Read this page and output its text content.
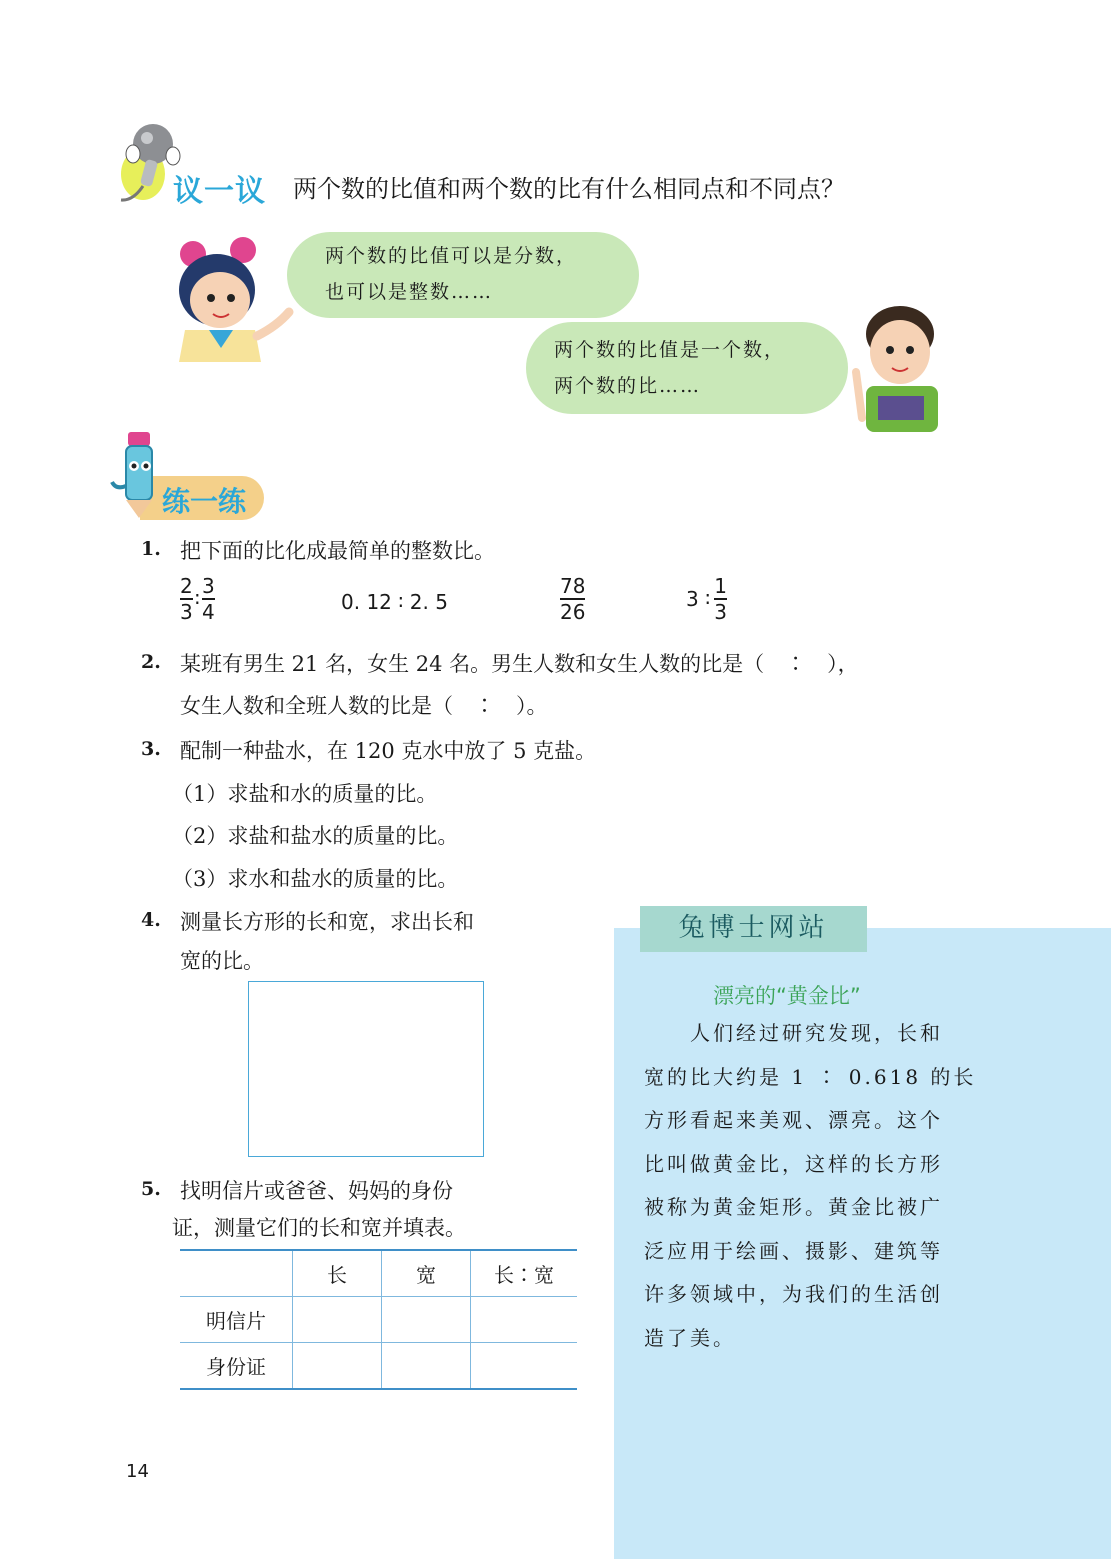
议一议 两个数的比值和两个数的比有什么相同点和不同点？
两个数的比值可以是分数，
也可以是整数……
两个数的比值是一个数，
两个数的比……
练一练
1. 把下面的比化成最简单的整数比。
$\frac{2}{3}$ ∶ $\frac{3}{4}$	0. 12 ∶ 2. 5	$\frac{78}{26}$	3 ∶ $\frac{1}{3}$
2. 某班有男生 21 名，女生 24 名。男生人数和女生人数的比是（　∶　），
女生人数和全班人数的比是（　∶　）。
3. 配制一种盐水，在 120 克水中放了 5 克盐。
（1）求盐和水的质量的比。
（2）求盐和盐水的质量的比。
（3）求水和盐水的质量的比。
4. 测量长方形的长和宽，求出长和
宽的比。
5. 找明信片或爸爸、妈妈的身份
证，测量它们的长和宽并填表。
	长	宽	长∶宽
明信片			
身份证			
兔博士网站
漂亮的“黄金比”
　　人们经过研究发现，长和
宽的比大约是 1 ∶ 0.618 的长
方形看起来美观、漂亮。这个
比叫做黄金比，这样的长方形
被称为黄金矩形。黄金比被广
泛应用于绘画、摄影、建筑等
许多领域中，为我们的生活创
造了美。
14
